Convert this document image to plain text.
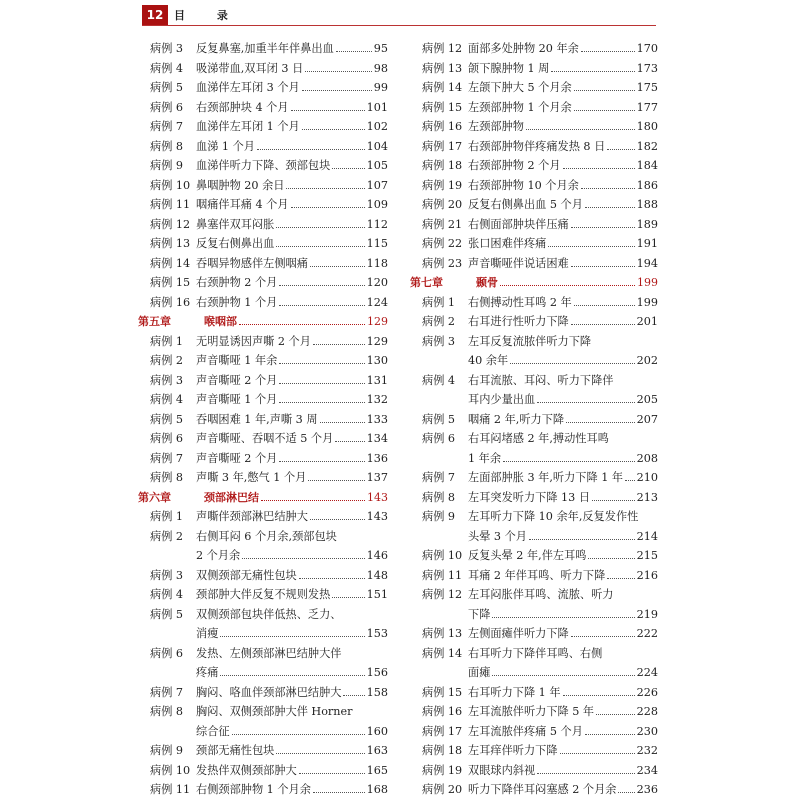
12 目 录
病例 3 反复鼻塞,加重半年伴鼻出血	95
病例 4 吸涕带血,双耳闭 3 日	98
病例 5 血涕伴左耳闭 3 个月	99
病例 6 右颈部肿块 4 个月	101
病例 7 血涕伴左耳闭 1 个月	102
病例 8 血涕 1 个月	104
病例 9 血涕伴听力下降、颈部包块	105
病例 10 鼻咽肿物 20 余日	107
病例 11 咽痛伴耳痛 4 个月	109
病例 12 鼻塞伴双耳闷胀	112
病例 13 反复右侧鼻出血	115
病例 14 吞咽异物感伴左侧咽痛	118
病例 15 右颈肿物 2 个月	120
病例 16 右颈肿物 1 个月	124
第五章	喉咽部	129
病例 1 无明显诱因声嘶 2 个月	129
病例 2 声音嘶哑 1 年余	130
病例 3 声音嘶哑 2 个月	131
病例 4 声音嘶哑 1 个月	132
病例 5 吞咽困难 1 年,声嘶 3 周	133
病例 6 声音嘶哑、吞咽不适 5 个月	134
病例 7 声音嘶哑 2 个月	136
病例 8 声嘶 3 年,憋气 1 个月	137
第六章	颈部淋巴结	143
病例 1 声嘶伴颈部淋巴结肿大	143
病例 2 右侧耳闷 6 个月余,颈部包块
2 个月余	146
病例 3 双侧颈部无痛性包块	148
病例 4 颈部肿大伴反复不规则发热	151
病例 5 双侧颈部包块伴低热、乏力、
消瘦	153
病例 6 发热、左侧颈部淋巴结肿大伴
疼痛	156
病例 7 胸闷、咯血伴颈部淋巴结肿大 158
病例 8 胸闷、双侧颈部肿大伴 Horner
综合征	160
病例 9 颈部无痛性包块	163
病例 10 发热伴双侧颈部肿大	165
病例 11 右侧颈部肿物 1 个月余	168
病例 12 面部多处肿物 20 年余	170
病例 13 颌下腺肿物 1 周	173
病例 14 左颌下肿大 5 个月余	175
病例 15 左颈部肿物 1 个月余	177
病例 16 左颈部肿物	180
病例 17 右颈部肿物伴疼痛发热 8 日	182
病例 18 右颈部肿物 2 个月	184
病例 19 右颈部肿物 10 个月余	186
病例 20 反复右侧鼻出血 5 个月	188
病例 21 右侧面部肿块伴压痛	189
病例 22 张口困难伴疼痛	191
病例 23 声音嘶哑伴说话困难	194
第七章	颞骨	199
病例 1 右侧搏动性耳鸣 2 年	199
病例 2 右耳进行性听力下降	201
病例 3 左耳反复流脓伴听力下降
40 余年	202
病例 4 右耳流脓、耳闷、听力下降伴
耳内少量出血	205
病例 5 咽痛 2 年,听力下降	207
病例 6 右耳闷堵感 2 年,搏动性耳鸣
1 年余	208
病例 7 左面部肿胀 3 年,听力下降 1 年 210
病例 8 左耳突发听力下降 13 日	213
病例 9 左耳听力下降 10 余年,反复发作性
头晕 3 个月	214
病例 10 反复头晕 2 年,伴左耳鸣	215
病例 11 耳痛 2 年伴耳鸣、听力下降	216
病例 12 左耳闷胀伴耳鸣、流脓、听力
下降	219
病例 13 左侧面瘫伴听力下降	222
病例 14 右耳听力下降伴耳鸣、右侧
面瘫	224
病例 15 右耳听力下降 1 年	226
病例 16 左耳流脓伴听力下降 5 年	228
病例 17 左耳流脓伴疼痛 5 个月	230
病例 18 左耳痒伴听力下降	232
病例 19 双眼球内斜视	234
病例 20 听力下降伴耳闷塞感 2 个月余 236
